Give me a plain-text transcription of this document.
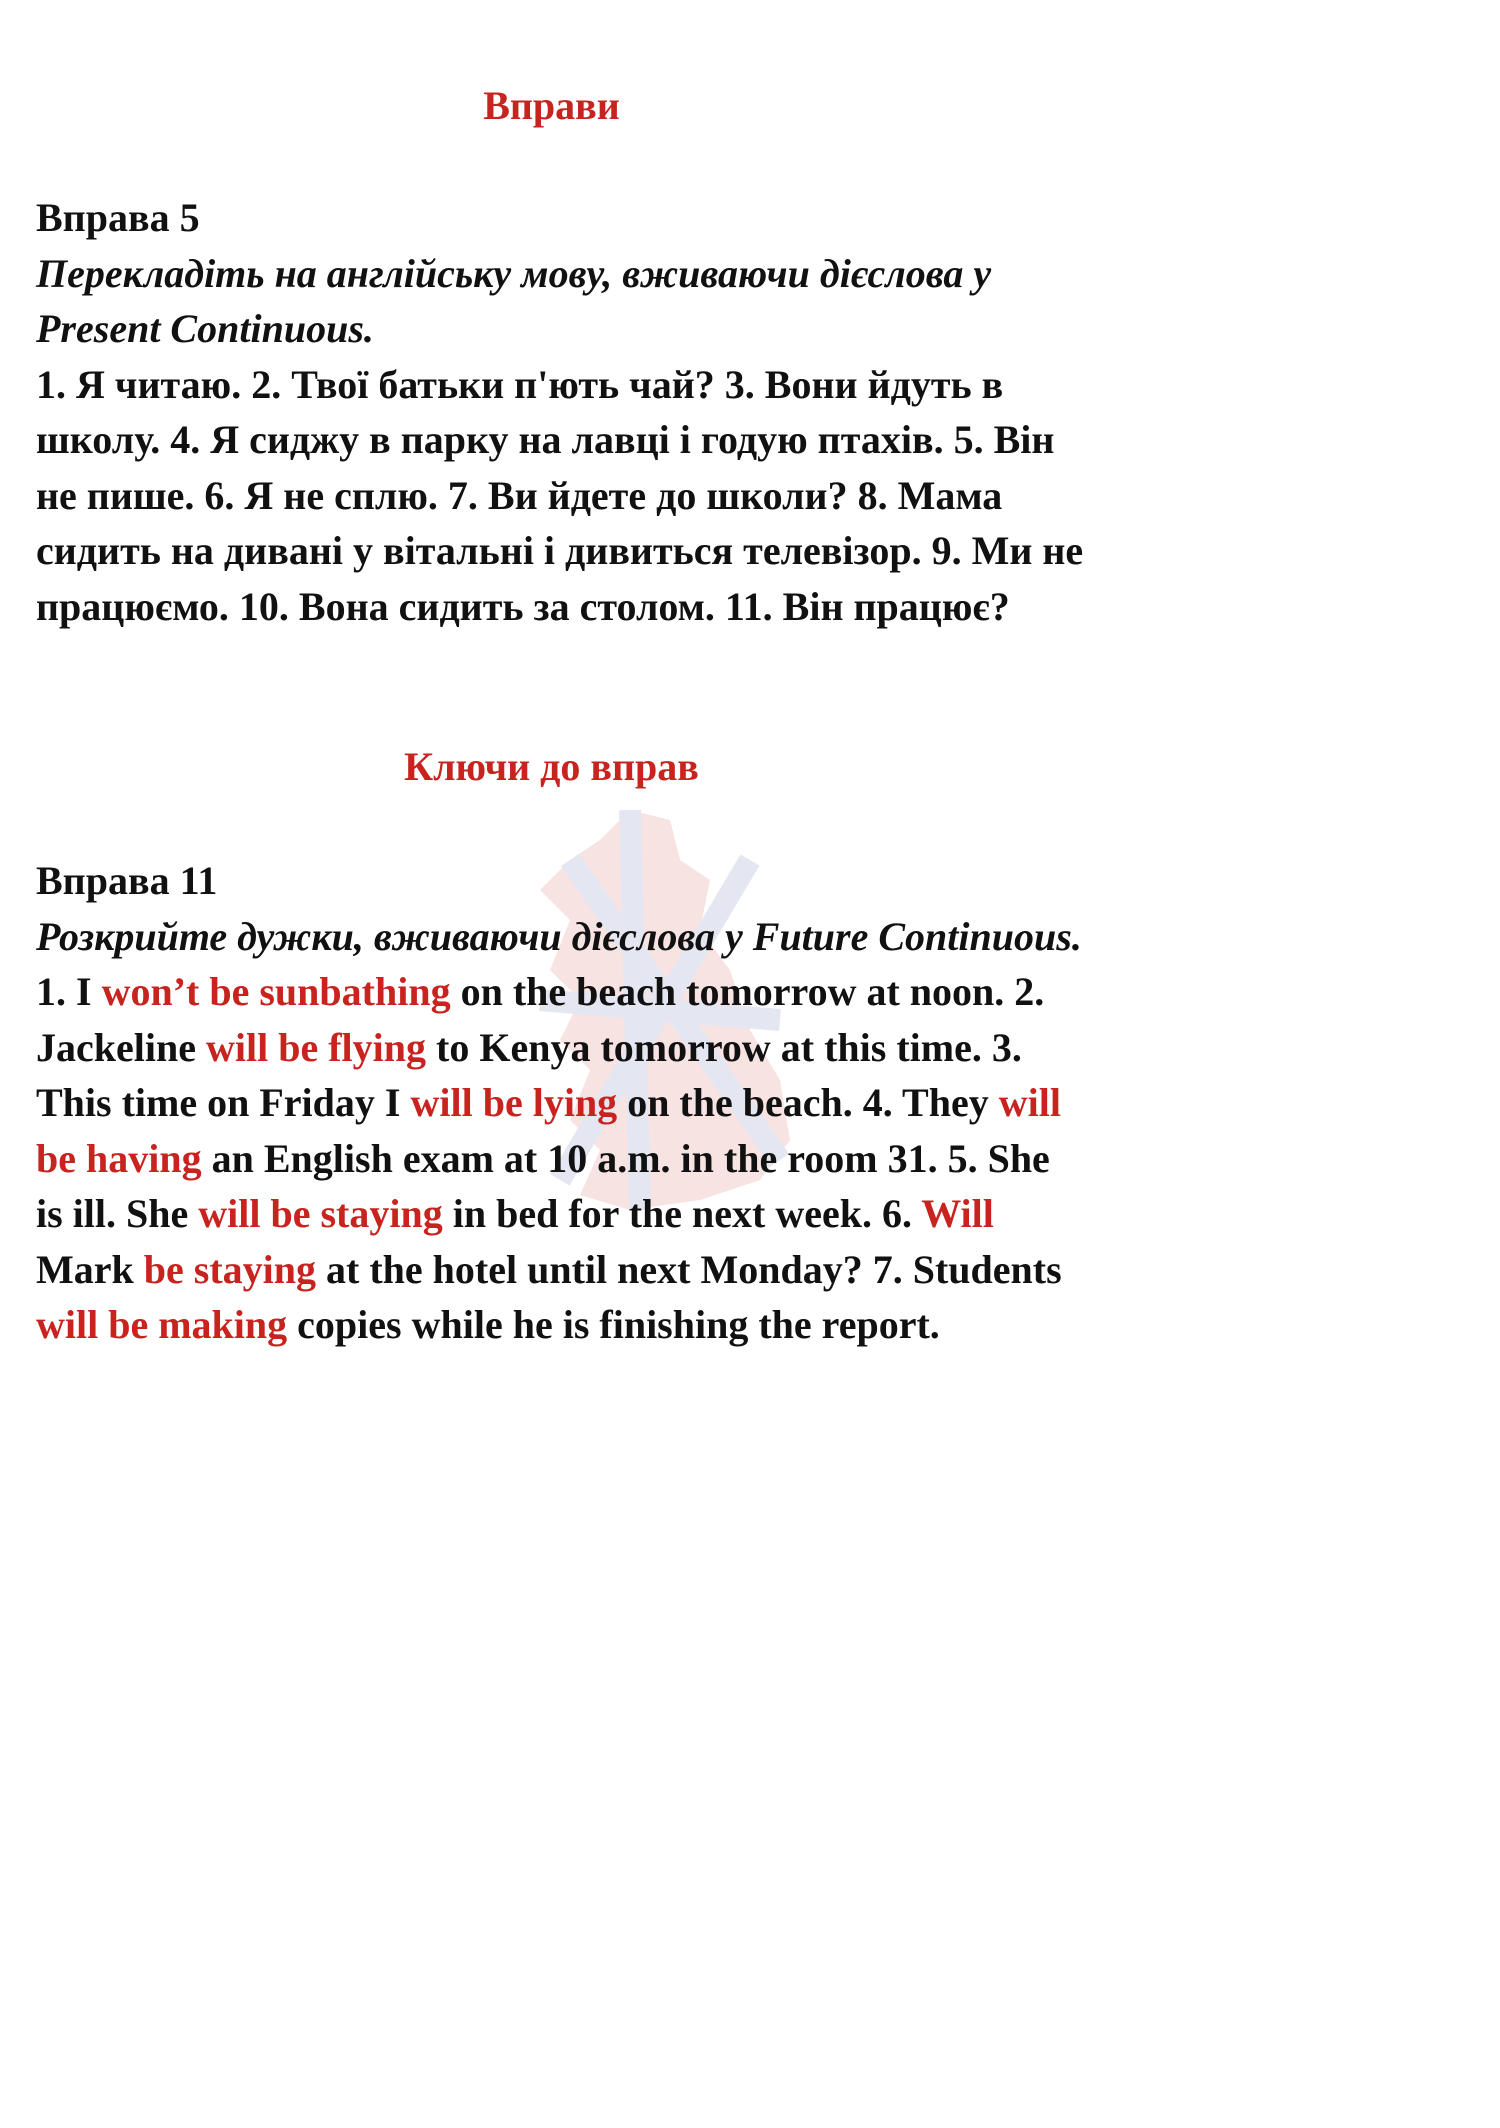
Вправи
Вправа 5
Перекладіть на англійську мову, вживаючи дієслова у Present Continuous.
1. Я читаю. 2. Твої батьки п'ють чай? 3. Вони йдуть в школу. 4. Я сиджу в парку на лавці і годую птахів. 5. Він не пише. 6. Я не сплю. 7. Ви йдете до школи? 8. Мама сидить на дивані у вітальні і дивиться телевізор. 9. Ми не працюємо. 10. Вона сидить за столом. 11. Він працює?
Ключи до вправ
Вправа 11
Розкрийте дужки, вживаючи дієслова у Future Continuous.
1. I won’t be sunbathing on the beach tomorrow at noon. 2. Jackeline will be flying to Kenya tomorrow at this time. 3. This time on Friday I will be lying on the beach. 4. They will be having an English exam at 10 a.m. in the room 31. 5. She is ill. She will be staying in bed for the next week. 6. Will Mark be staying at the hotel until next Monday? 7. Students will be making copies while he is finishing the report.
